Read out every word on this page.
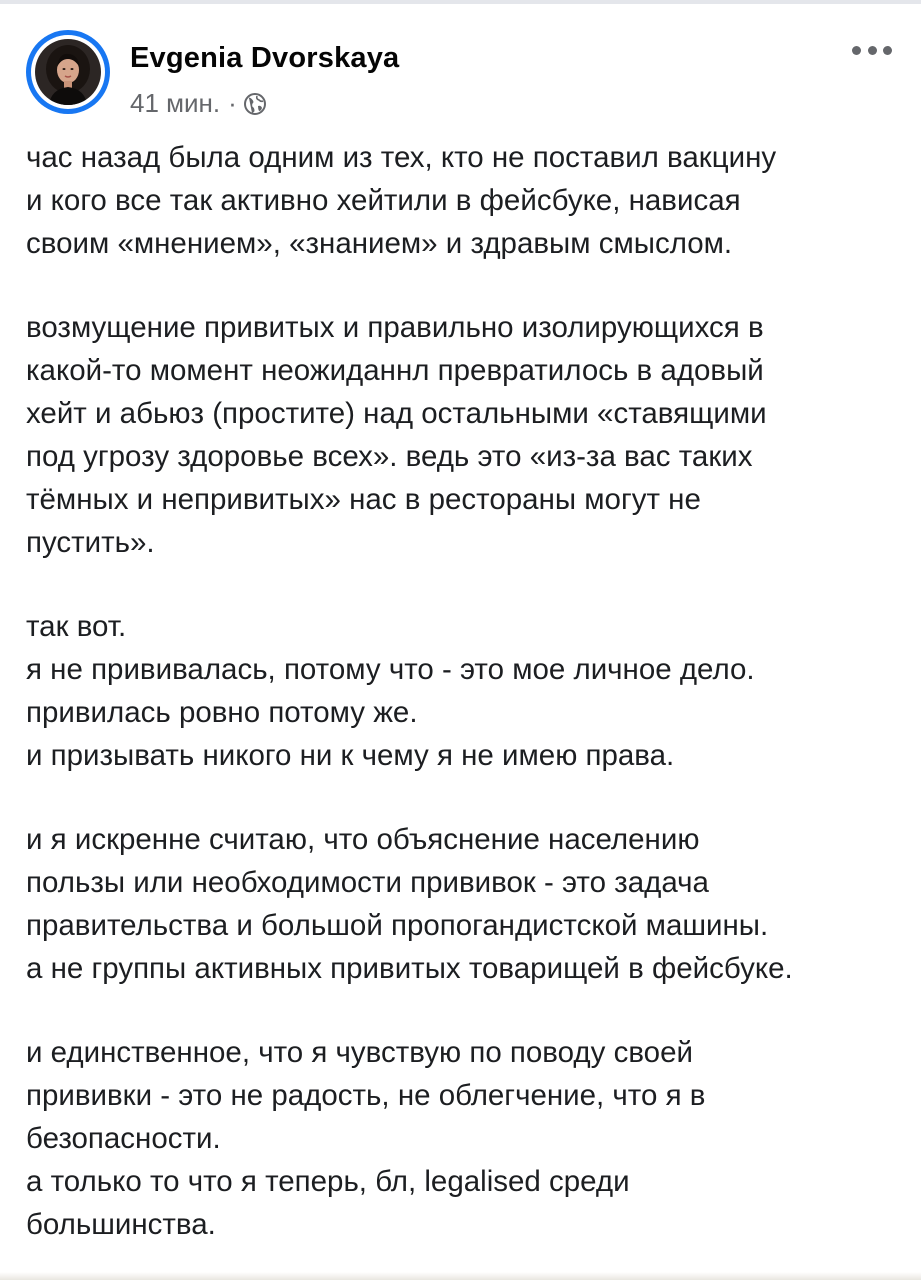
Evgenia Dvorskaya
41 мин. ·

час назад была одним из тех, кто не поставил вакцину
и кого все так активно хейтили в фейсбуке, нависая
своим «мнением», «знанием» и здравым смыслом.

возмущение привитых и правильно изолирующихся в
какой-то момент неожиданнл превратилось в адовый
хейт и абьюз (простите) над остальными «ставящими
под угрозу здоровье всех». ведь это «из-за вас таких
тёмных и непривитых» нас в рестораны могут не
пустить».

так вот.
я не прививалась, потому что - это мое личное дело.
привилась ровно потому же.
и призывать никого ни к чему я не имею права.

и я искренне считаю, что объяснение населению
пользы или необходимости прививок - это задача
правительства и большой пропогандистской машины.
а не группы активных привитых товарищей в фейсбуке.

и единственное, что я чувствую по поводу своей
прививки - это не радость, не облегчение, что я в
безопасности.
а только то что я теперь, бл, legalised среди
большинства.
